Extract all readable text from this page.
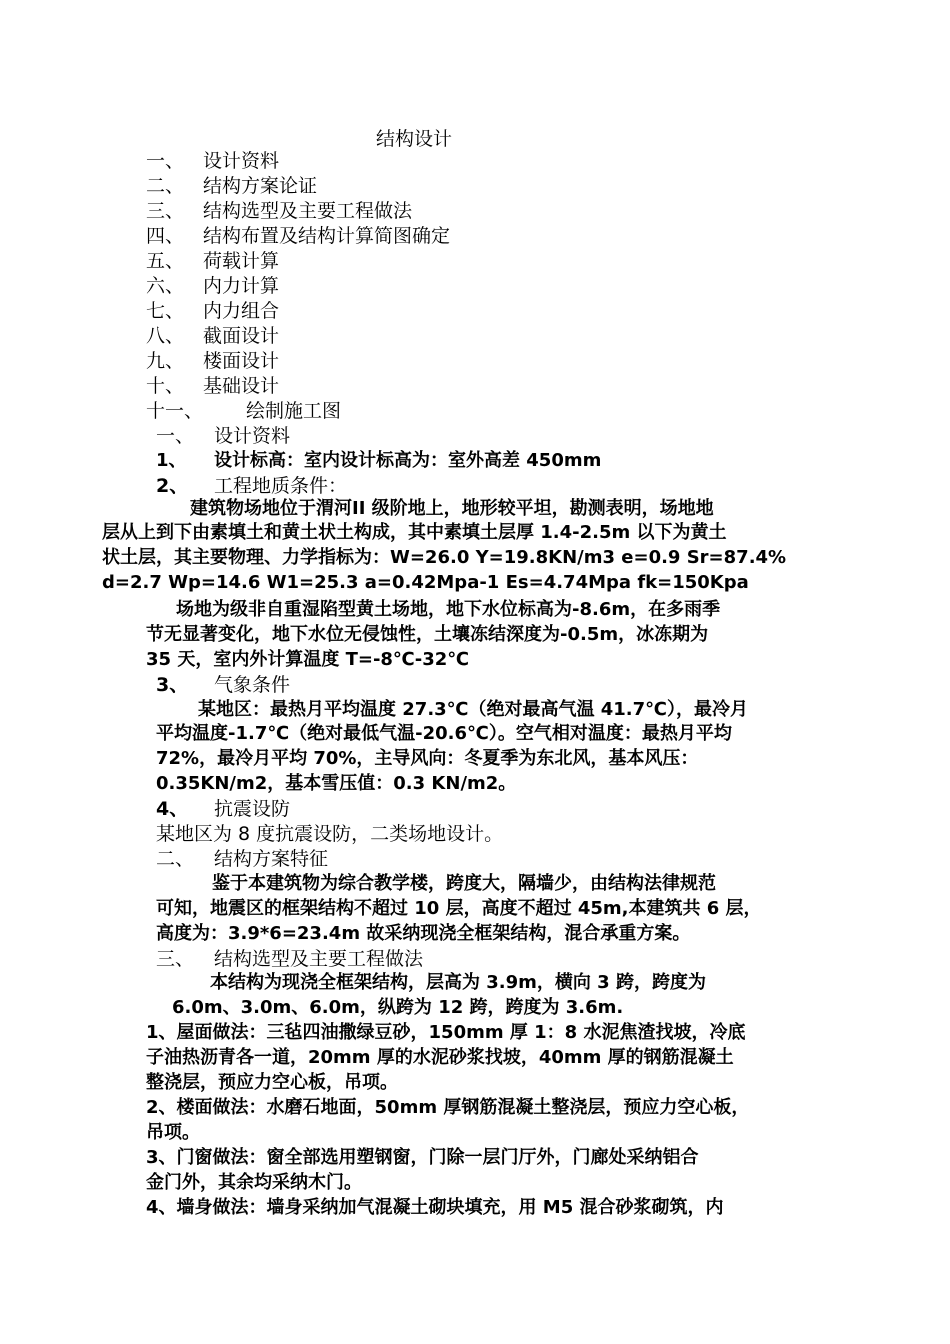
结构设计
一、 设计资料
二、 结构方案论证
三、 结构选型及主要工程做法
四、 结构布置及结构计算简图确定
五、 荷载计算
六、 内力计算
七、 内力组合
八、 截面设计
九、 楼面设计
十、 基础设计
十一、	绘制施工图
一、 设计资料
1、 设计标高：室内设计标高为：室外高差 450mm
2、 工程地质条件：
建筑物场地位于渭河II 级阶地上，地形较平坦，勘测表明，场地地
层从上到下由素填土和黄土状土构成，其中素填土层厚 1.4-2.5m 以下为黄土
状土层，其主要物理、力学指标为：W=26.0 Y=19.8KN/m3 e=0.9 Sr=87.4%
d=2.7 Wp=14.6 W1=25.3 a=0.42Mpa-1 Es=4.74Mpa fk=150Kpa
场地为级非自重湿陷型黄土场地，地下水位标高为-8.6m，在多雨季
节无显著变化，地下水位无侵蚀性，土壤冻结深度为-0.5m，冰冻期为
35 天，室内外计算温度 T=-8℃-32℃
3、 气象条件
某地区：最热月平均温度 27.3℃（绝对最高气温 41.7℃），最冷月
平均温度-1.7℃（绝对最低气温-20.6℃）。空气相对温度：最热月平均
72%，最冷月平均 70%，主导风向：冬夏季为东北风，基本风压：
0.35KN/m2，基本雪压值：0.3 KN/m2。
4、 抗震设防
某地区为 8 度抗震设防，二类场地设计。
二、 结构方案特征
鉴于本建筑物为综合教学楼，跨度大，隔墙少，由结构法律规范
可知，地震区的框架结构不超过 10 层，高度不超过 45m,本建筑共 6 层，
高度为：3.9*6=23.4m 故采纳现浇全框架结构，混合承重方案。
三、 结构选型及主要工程做法
本结构为现浇全框架结构，层高为 3.9m，横向 3 跨，跨度为
6.0m、3.0m、6.0m，纵跨为 12 跨，跨度为 3.6m.
1、屋面做法：三毡四油撒绿豆砂，150mm 厚 1：8 水泥焦渣找坡，冷底
子油热沥青各一道，20mm 厚的水泥砂浆找坡，40mm 厚的钢筋混凝土
整浇层，预应力空心板，吊项。
2、楼面做法：水磨石地面，50mm 厚钢筋混凝土整浇层，预应力空心板，
吊项。
3、门窗做法：窗全部选用塑钢窗，门除一层门厅外，门廊处采纳铝合
金门外，其余均采纳木门。
4、墙身做法：墙身采纳加气混凝土砌块填充，用 M5 混合砂浆砌筑，内
